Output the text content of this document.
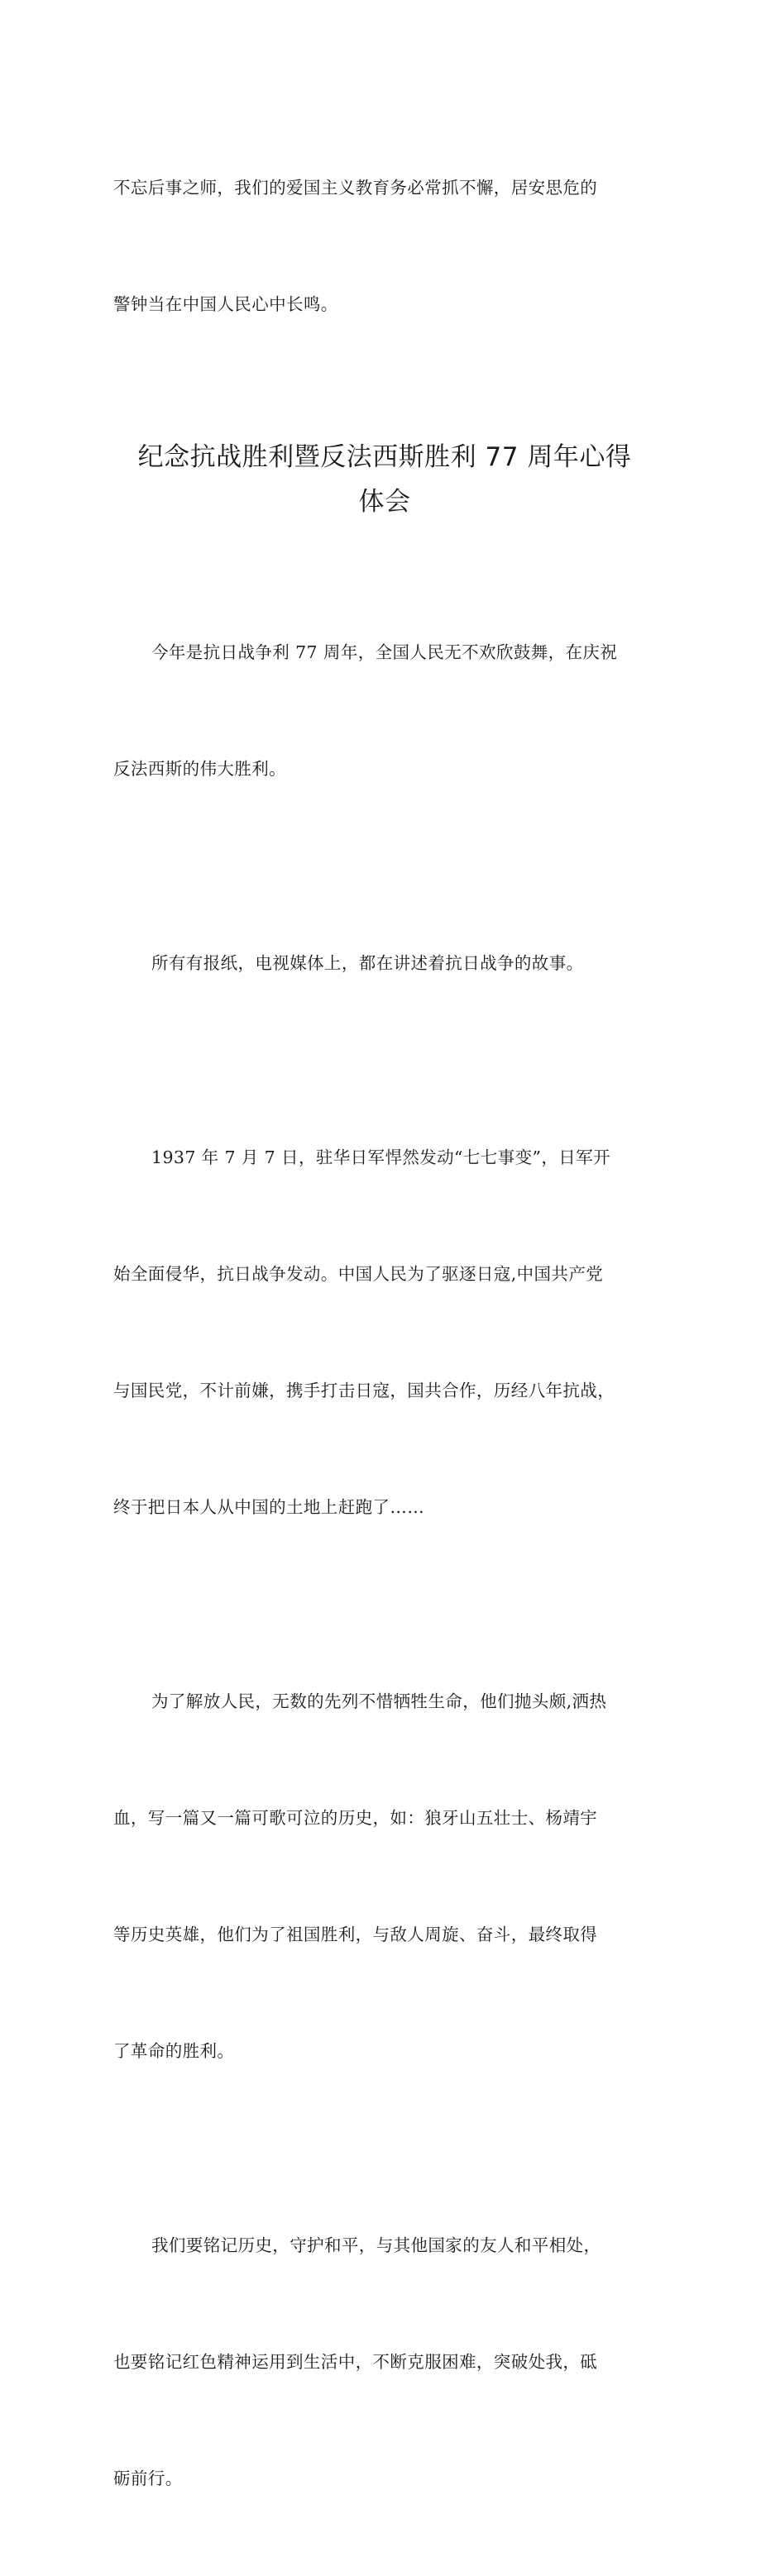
不忘后事之师，我们的爱国主义教育务必常抓不懈，居安思危的

警钟当在中国人民心中长鸣。

纪念抗战胜利暨反法西斯胜利 77 周年心得
体会

今年是抗日战争利 77 周年，全国人民无不欢欣鼓舞，在庆祝

反法西斯的伟大胜利。

所有有报纸，电视媒体上，都在讲述着抗日战争的故事。

1937 年 7 月 7 日，驻华日军悍然发动“七七事变”，日军开

始全面侵华，抗日战争发动。中国人民为了驱逐日寇,中国共产党

与国民党，不计前嫌，携手打击日寇，国共合作，历经八年抗战，

终于把日本人从中国的土地上赶跑了……

为了解放人民，无数的先列不惜牺牲生命，他们抛头颇,洒热

血，写一篇又一篇可歌可泣的历史，如：狼牙山五壮士、杨靖宇

等历史英雄，他们为了祖国胜利，与敌人周旋、奋斗，最终取得

了革命的胜利。

我们要铭记历史，守护和平，与其他国家的友人和平相处，

也要铭记红色精神运用到生活中，不断克服困难，突破处我，砥

砺前行。
